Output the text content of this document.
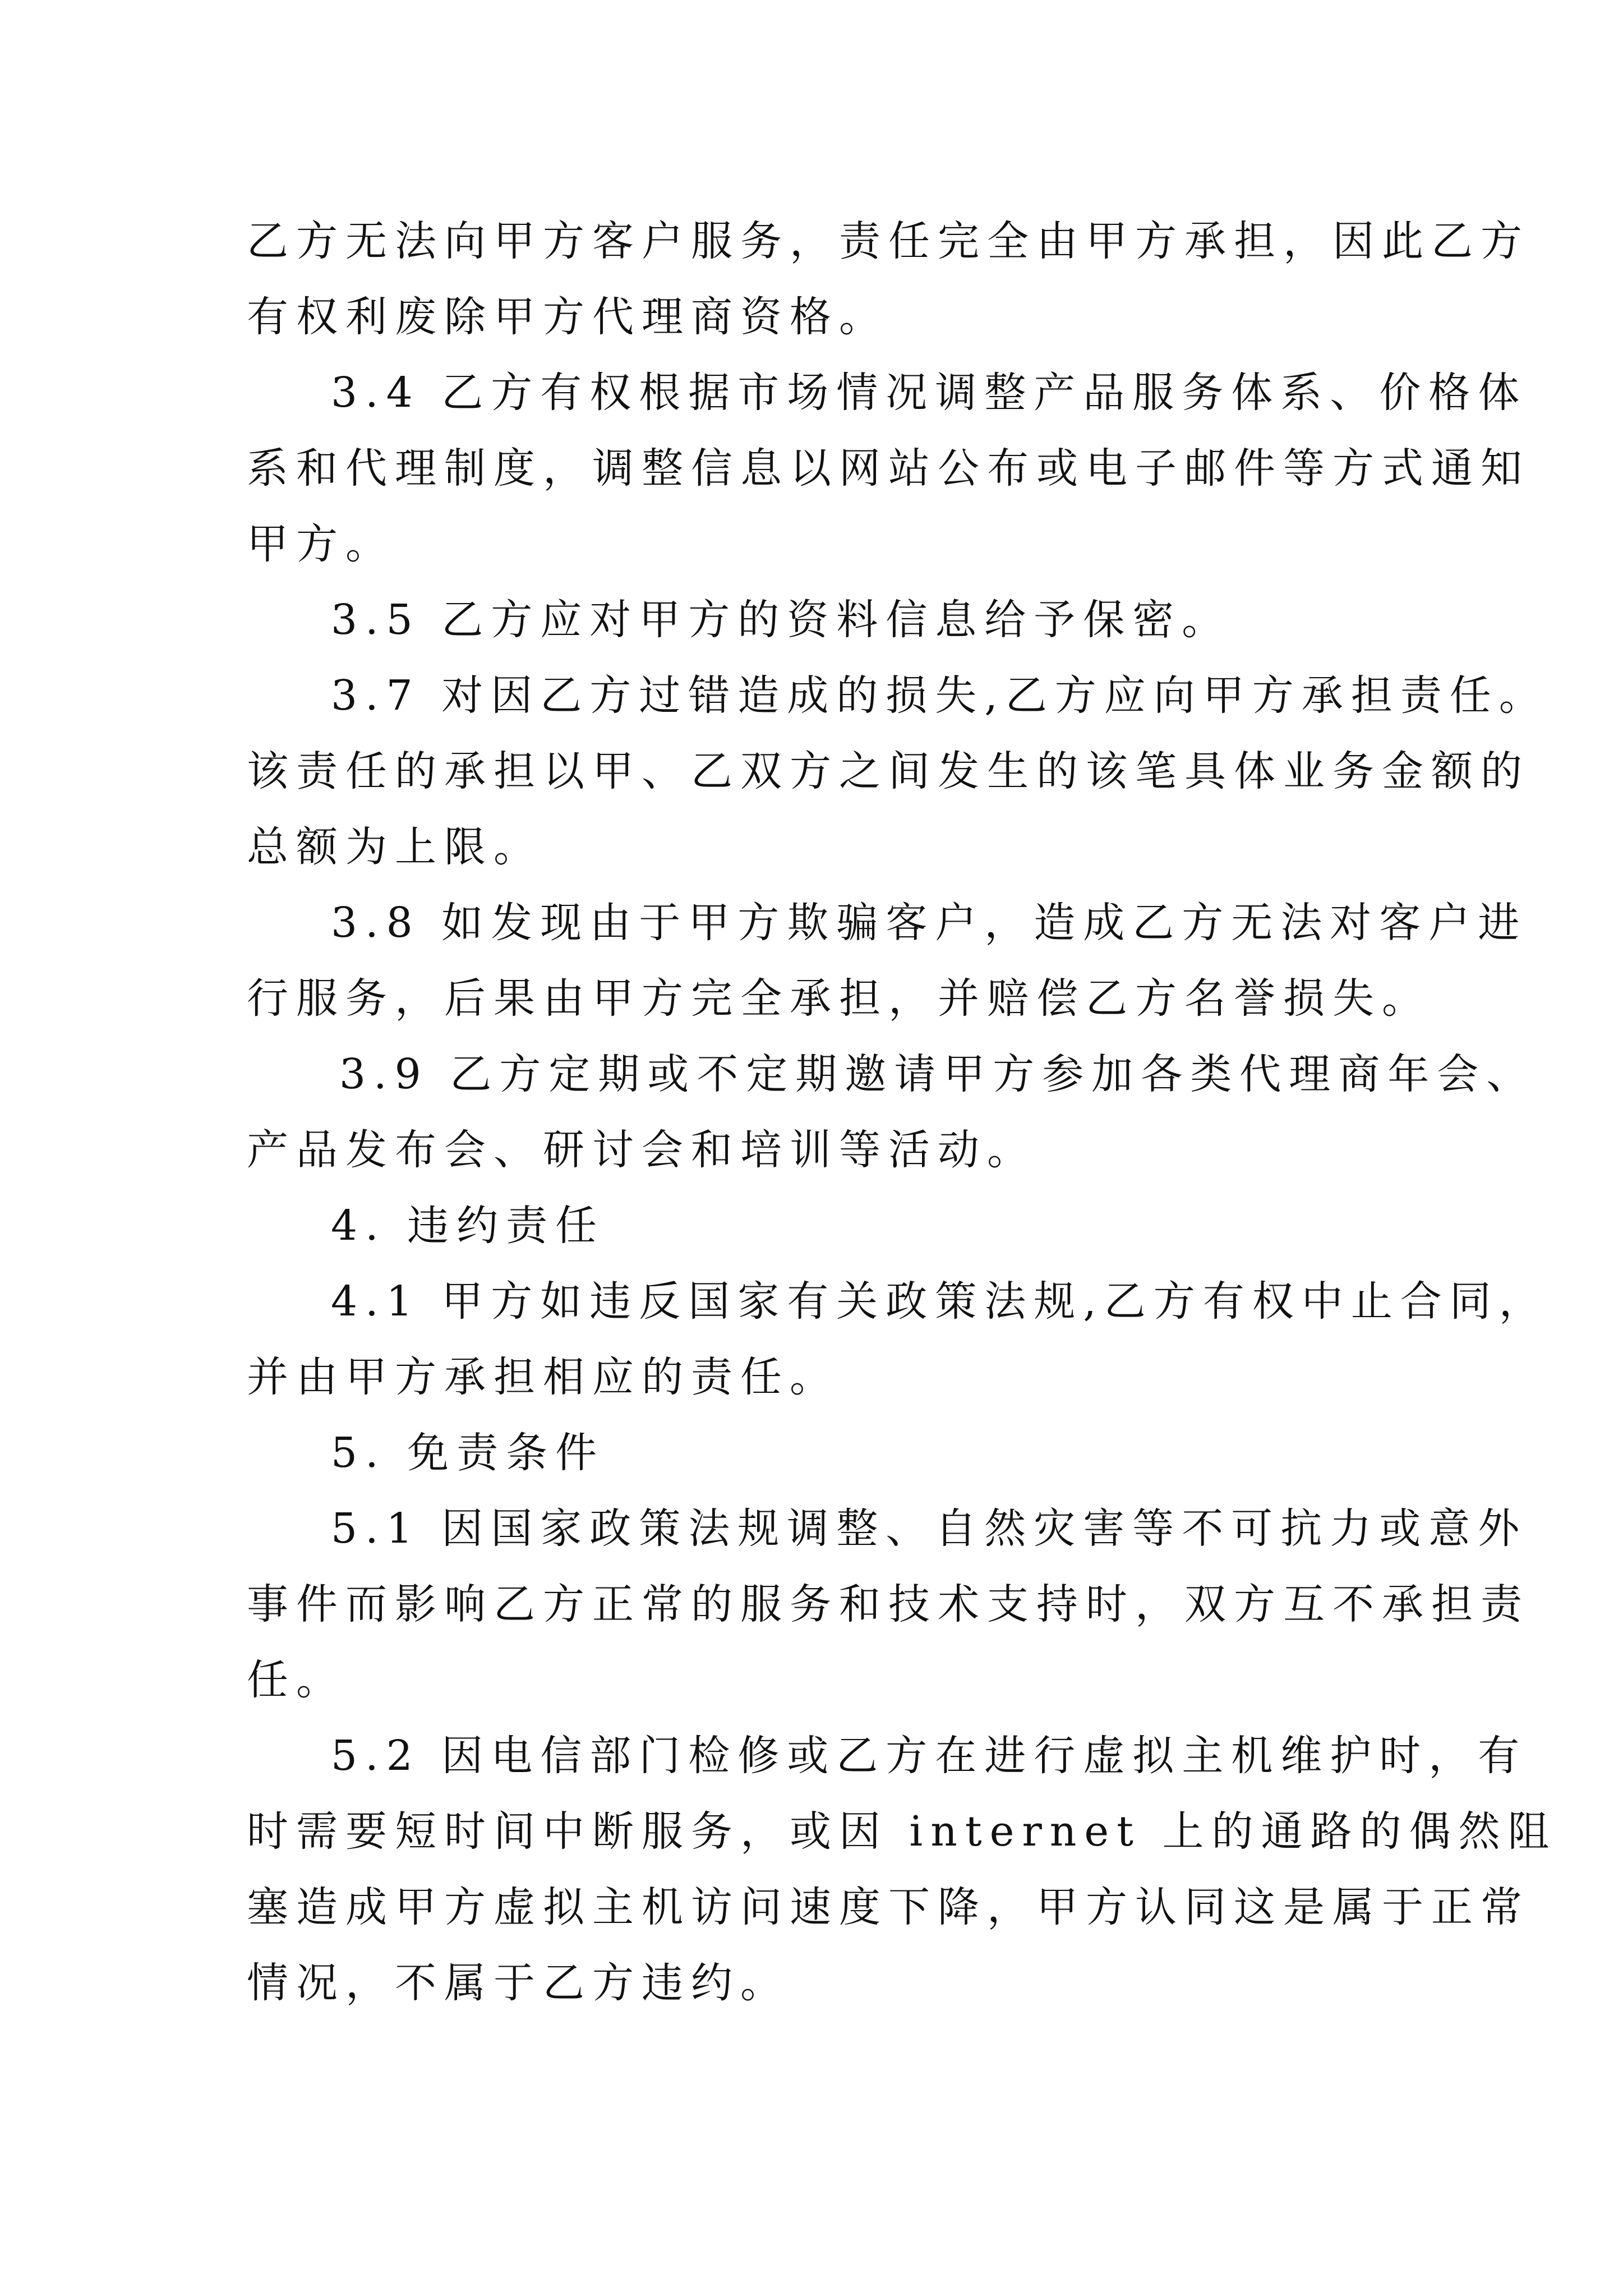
乙方无法向甲方客户服务，责任完全由甲方承担，因此乙方
有权利废除甲方代理商资格。
3.4 乙方有权根据市场情况调整产品服务体系、价格体
系和代理制度，调整信息以网站公布或电子邮件等方式通知
甲方。
3.5 乙方应对甲方的资料信息给予保密。
3.7 对因乙方过错造成的损失,乙方应向甲方承担责任。
该责任的承担以甲、乙双方之间发生的该笔具体业务金额的
总额为上限。
3.8 如发现由于甲方欺骗客户，造成乙方无法对客户进
行服务，后果由甲方完全承担，并赔偿乙方名誉损失。
3.9 乙方定期或不定期邀请甲方参加各类代理商年会、
产品发布会、研讨会和培训等活动。
4. 违约责任
4.1 甲方如违反国家有关政策法规,乙方有权中止合同，
并由甲方承担相应的责任。
5. 免责条件
5.1 因国家政策法规调整、自然灾害等不可抗力或意外
事件而影响乙方正常的服务和技术支持时，双方互不承担责
任。
5.2 因电信部门检修或乙方在进行虚拟主机维护时，有
时需要短时间中断服务，或因 internet 上的通路的偶然阻
塞造成甲方虚拟主机访问速度下降，甲方认同这是属于正常
情况，不属于乙方违约。
